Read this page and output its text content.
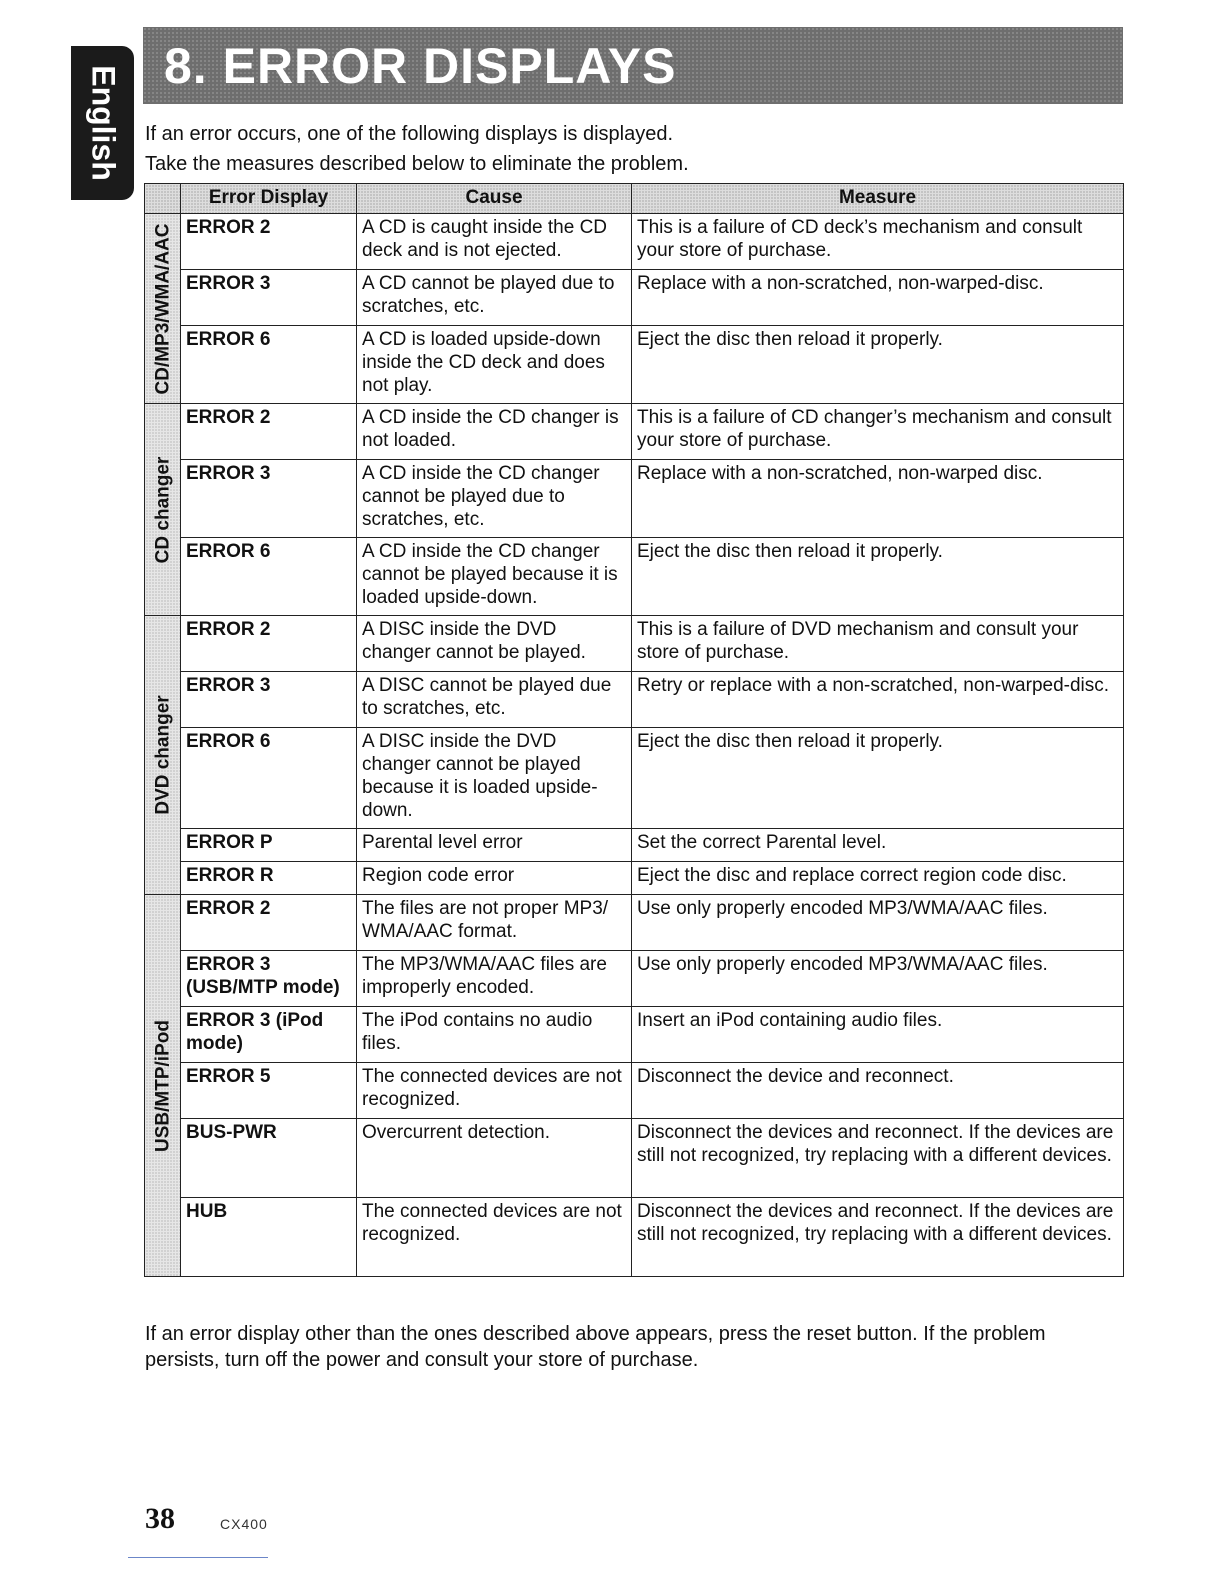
English 8. ERROR DISPLAYS

If an error occurs, one of the following displays is displayed.

Take the measures described below to eliminate the problem.

	Error Display	Cause	Measure

CD/MP3/WMA/AAC	ERROR 2	A CD is caught inside the CD deck and is not ejected.	This is a failure of CD deck’s mechanism and consult your store of purchase.
	ERROR 3	A CD cannot be played due to scratches, etc.	Replace with a non-scratched, non-warped-disc.
	ERROR 6	A CD is loaded upside-down inside the CD deck and does not play.	Eject the disc then reload it properly.

CD changer	ERROR 2	A CD inside the CD changer is not loaded.	This is a failure of CD changer’s mechanism and consult your store of purchase.
	ERROR 3	A CD inside the CD changer cannot be played due to scratches, etc.	Replace with a non-scratched, non-warped disc.
	ERROR 6	A CD inside the CD changer cannot be played because it is loaded upside-down.	Eject the disc then reload it properly.

DVD changer	ERROR 2	A DISC inside the DVD changer cannot be played.	This is a failure of DVD mechanism and consult your store of purchase.
	ERROR 3	A DISC cannot be played due to scratches, etc.	Retry or replace with a non-scratched, non-warped-disc.
	ERROR 6	A DISC inside the DVD changer cannot be played because it is loaded upside-down.	Eject the disc then reload it properly.
	ERROR P	Parental level error	Set the correct Parental level.
	ERROR R	Region code error	Eject the disc and replace correct region code disc.

USB/MTP/iPod	ERROR 2	The files are not proper MP3/ WMA/AAC format.	Use only properly encoded MP3/WMA/AAC files.
	ERROR 3 (USB/MTP mode)	The MP3/WMA/AAC files are improperly encoded.	Use only properly encoded MP3/WMA/AAC files.
	ERROR 3 (iPod mode)	The iPod contains no audio files.	Insert an iPod containing audio files.
	ERROR 5	The connected devices are not recognized.	Disconnect the device and reconnect.
	BUS-PWR	Overcurrent detection.	Disconnect the devices and reconnect. If the devices are still not recognized, try replacing with a different devices.
	HUB	The connected devices are not recognized.	Disconnect the devices and reconnect. If the devices are still not recognized, try replacing with a different devices.

If an error display other than the ones described above appears, press the reset button. If the problem persists, turn off the power and consult your store of purchase.

38	CX400
